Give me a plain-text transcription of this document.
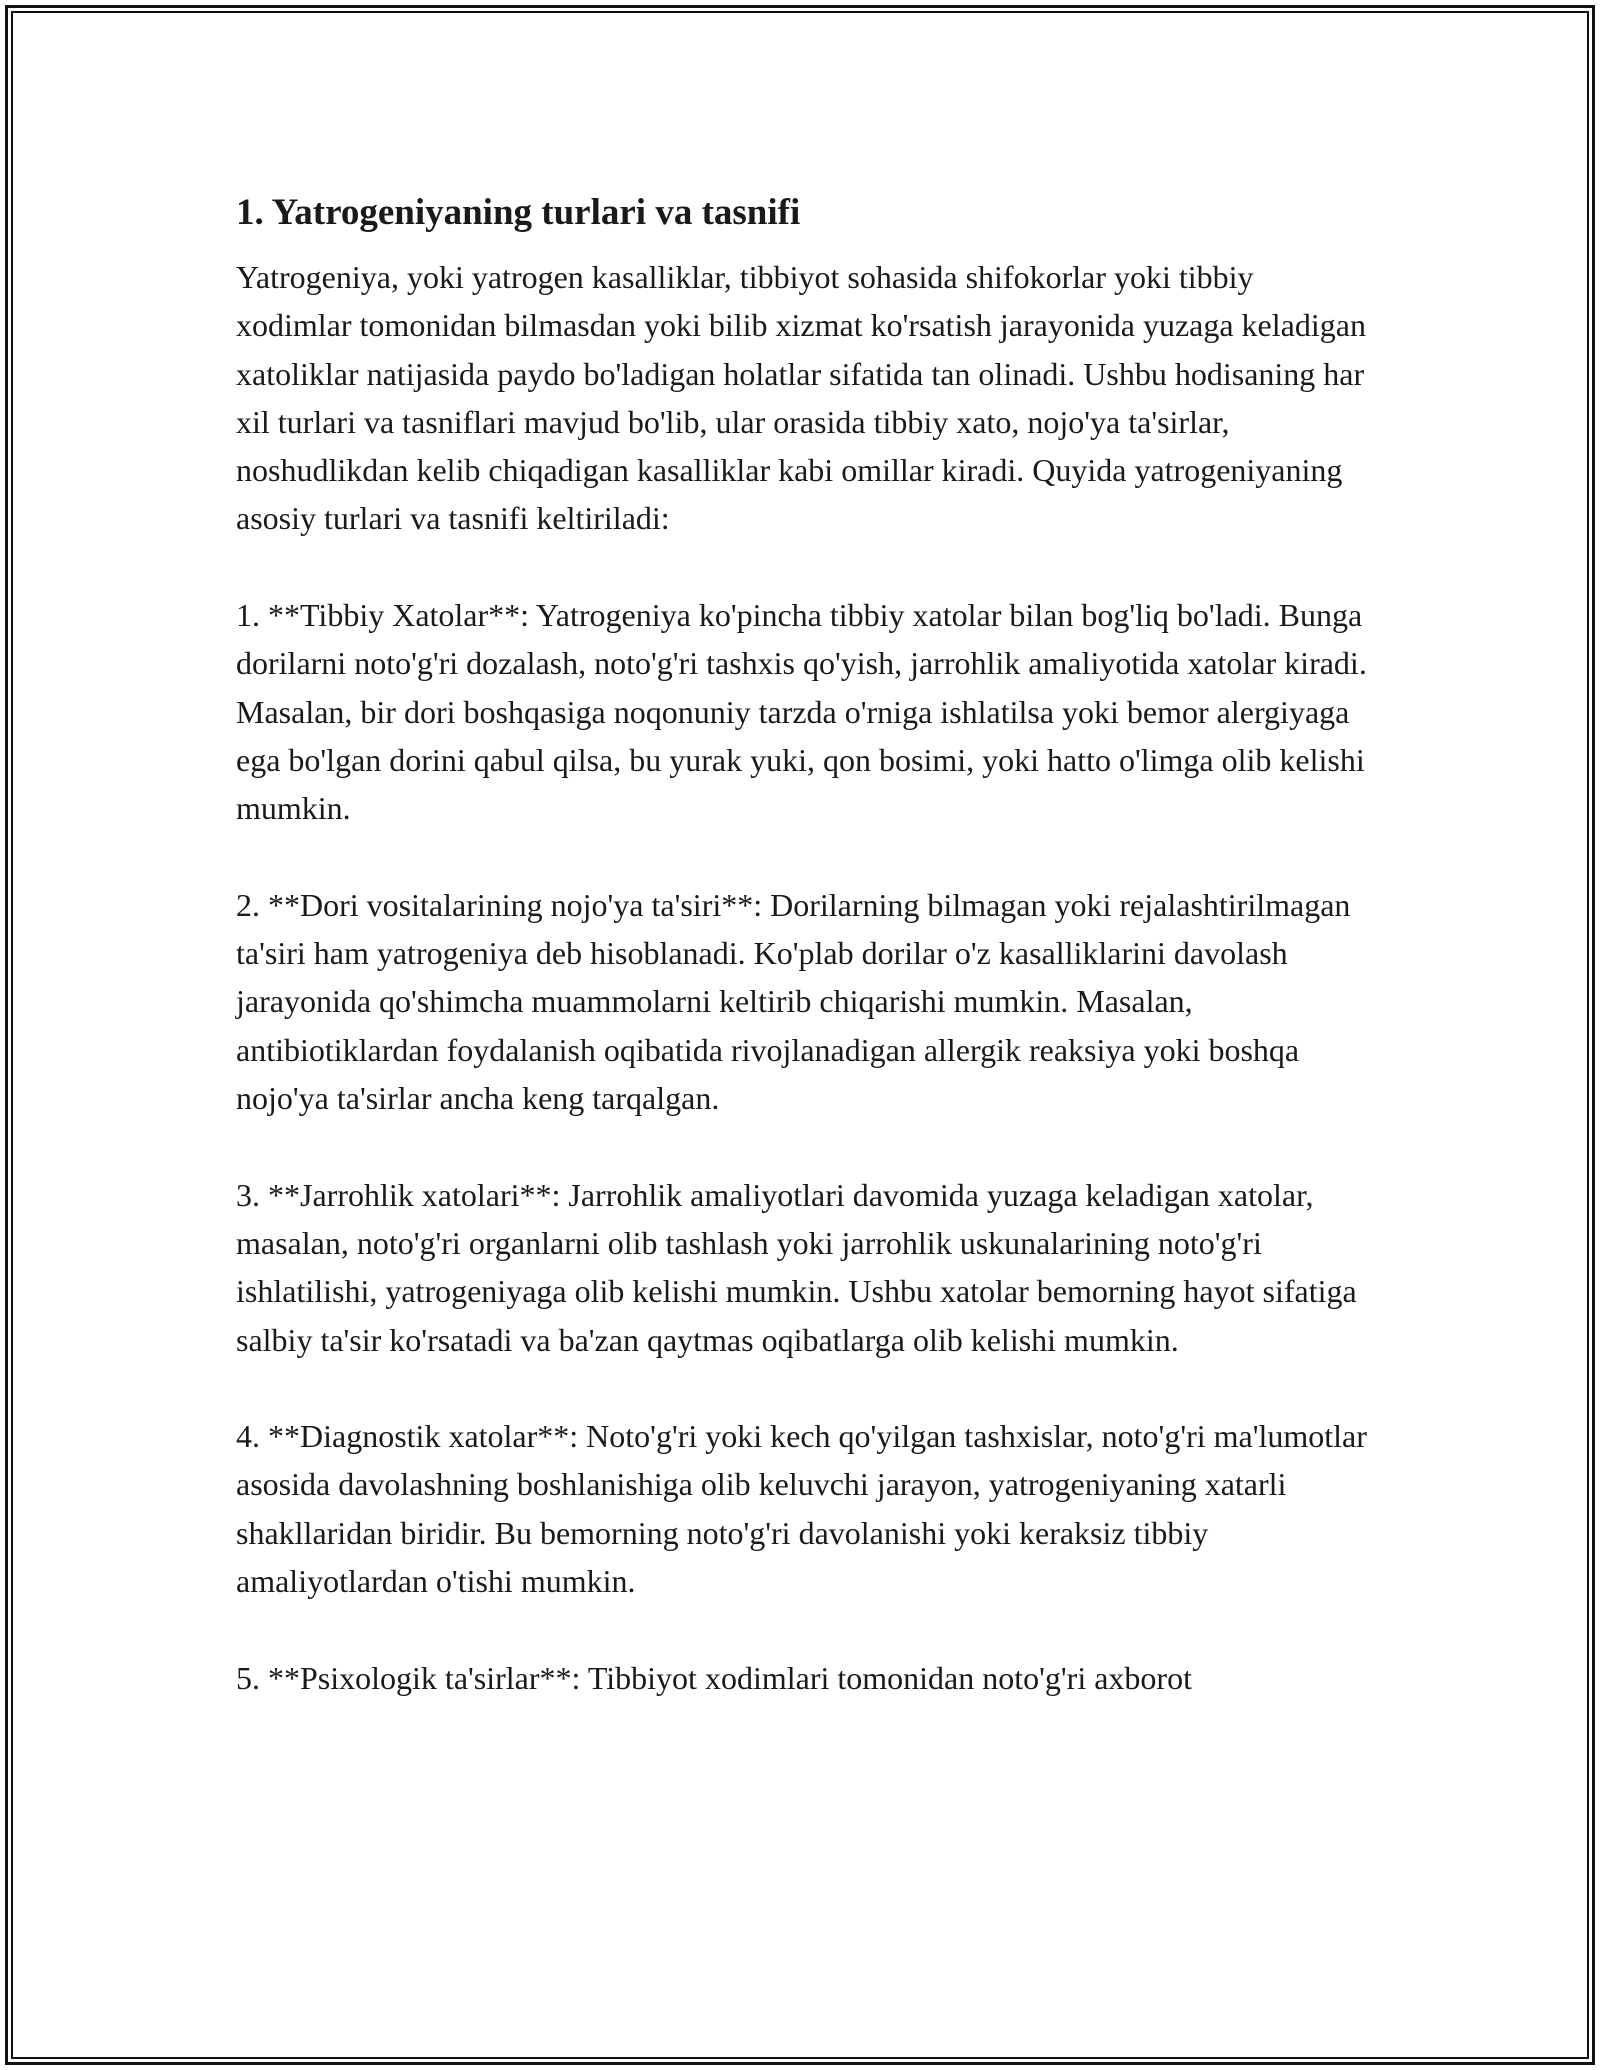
1. Yatrogeniyaning turlari va tasnifi

Yatrogeniya, yoki yatrogen kasalliklar, tibbiyot sohasida shifokorlar yoki tibbiy xodimlar tomonidan bilmasdan yoki bilib xizmat ko'rsatish jarayonida yuzaga keladigan xatoliklar natijasida paydo bo'ladigan holatlar sifatida tan olinadi. Ushbu hodisaning har xil turlari va tasniflari mavjud bo'lib, ular orasida tibbiy xato, nojo'ya ta'sirlar, noshudlikdan kelib chiqadigan kasalliklar kabi omillar kiradi. Quyida yatrogeniyaning asosiy turlari va tasnifi keltiriladi:

1. **Tibbiy Xatolar**: Yatrogeniya ko'pincha tibbiy xatolar bilan bog'liq bo'ladi. Bunga dorilarni noto'g'ri dozalash, noto'g'ri tashxis qo'yish, jarrohlik amaliyotida xatolar kiradi. Masalan, bir dori boshqasiga noqonuniy tarzda o'rniga ishlatilsa yoki bemor alergiyaga ega bo'lgan dorini qabul qilsa, bu yurak yuki, qon bosimi, yoki hatto o'limga olib kelishi mumkin.

2. **Dori vositalarining nojo'ya ta'siri**: Dorilarning bilmagan yoki rejalashtirilmagan ta'siri ham yatrogeniya deb hisoblanadi. Ko'plab dorilar o'z kasalliklarini davolash jarayonida qo'shimcha muammolarni keltirib chiqarishi mumkin. Masalan, antibiotiklardan foydalanish oqibatida rivojlanadigan allergik reaksiya yoki boshqa nojo'ya ta'sirlar ancha keng tarqalgan.

3. **Jarrohlik xatolari**: Jarrohlik amaliyotlari davomida yuzaga keladigan xatolar, masalan, noto'g'ri organlarni olib tashlash yoki jarrohlik uskunalarining noto'g'ri ishlatilishi, yatrogeniyaga olib kelishi mumkin. Ushbu xatolar bemorning hayot sifatiga salbiy ta'sir ko'rsatadi va ba'zan qaytmas oqibatlarga olib kelishi mumkin.

4. **Diagnostik xatolar**: Noto'g'ri yoki kech qo'yilgan tashxislar, noto'g'ri ma'lumotlar asosida davolashning boshlanishiga olib keluvchi jarayon, yatrogeniyaning xatarli shakllaridan biridir. Bu bemorning noto'g'ri davolanishi yoki keraksiz tibbiy amaliyotlardan o'tishi mumkin.

5. **Psixologik ta'sirlar**: Tibbiyot xodimlari tomonidan noto'g'ri axborot
